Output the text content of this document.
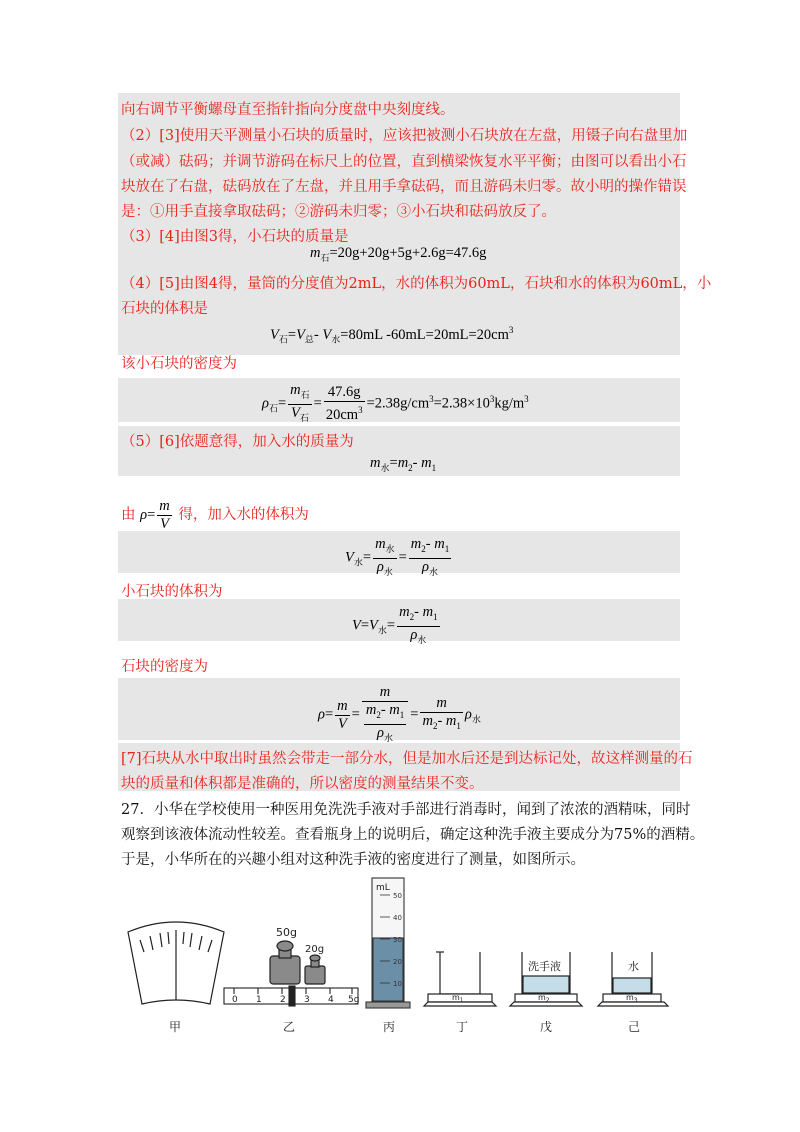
向右调节平衡螺母直至指针指向分度盘中央刻度线。
（2）[3]使用天平测量小石块的质量时，应该把被测小石块放在左盘，用镊子向右盘里加
（或减）砝码；并调节游码在标尺上的位置，直到横梁恢复水平平衡；由图可以看出小石
块放在了右盘，砝码放在了左盘，并且用手拿砝码，而且游码未归零。故小明的操作错误
是：①用手直接拿取砝码；②游码未归零；③小石块和砝码放反了。
（3）[4]由图3得，小石块的质量是
$m_石=20g+20g+5g+2.6g=47.6g$
（4）[5]由图4得，量筒的分度值为2mL，水的体积为60mL，石块和水的体积为60mL，小
石块的体积是
$V_石=V_总-$ $V_水=80mL$ $-60mL=20mL=20cm^3$
该小石块的密度为
$\rho_石= \frac{m_石}{V_石} = \frac{47.6g}{20cm^3} =2.38g/cm^3=2.38\times 10^3kg/m^3$
（5）[6]依题意得，加入水的质量为
$m_水=m_2-$ $m_1$
由 $\rho= \frac{m}{V}$ 得，加入水的体积为
$V_水= \frac{m_水}{\rho_水} = \frac{m_2- m_1}{\rho_水}$
小石块的体积为
$V=V_水= \frac{m_2- m_1}{\rho_水}$
石块的密度为
$\rho= \frac{m}{V} = \frac{m}{\frac{m_2- m_1}{\rho_水}} = \frac{m}{m_2- m_1} \rho_水$
[7]石块从水中取出时虽然会带走一部分水，但是加水后还是到达标记处，故这样测量的石
块的质量和体积都是准确的，所以密度的测量结果不变。
27．小华在学校使用一种医用免洗洗手液对手部进行消毒时，闻到了浓浓的酒精味，同时
观察到该液体流动性较差。查看瓶身上的说明后，确定这种洗手液主要成分为75%的酒精。
于是，小华所在的兴趣小组对这种洗手液的密度进行了测量，如图所示。
50g
20g
0 1 2 3 4 5g
mL
50
40
30
20
10
洗手液	水
$m_1$	$m_2$	$m_3$
甲	乙	丙	丁	戊	己
